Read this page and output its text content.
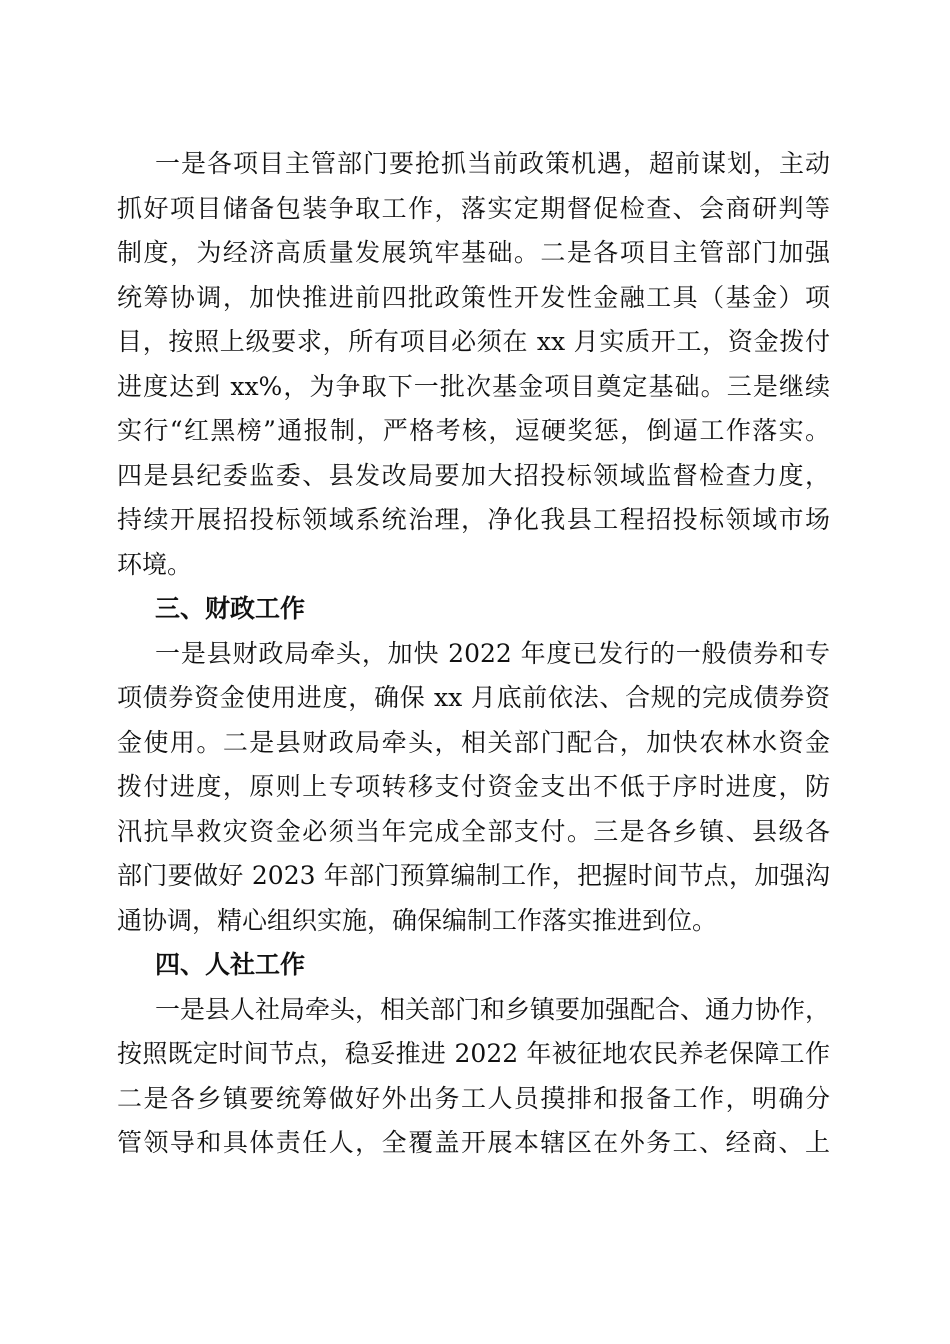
一是各项目主管部门要抢抓当前政策机遇，超前谋划，主动
抓好项目储备包装争取工作，落实定期督促检查、会商研判等
制度，为经济高质量发展筑牢基础。二是各项目主管部门加强
统筹协调，加快推进前四批政策性开发性金融工具（基金）项
目，按照上级要求，所有项目必须在 xx 月实质开工，资金拨付
进度达到 xx%，为争取下一批次基金项目奠定基础。三是继续
实行“红黑榜”通报制，严格考核，逗硬奖惩，倒逼工作落实。
四是县纪委监委、县发改局要加大招投标领域监督检查力度，
持续开展招投标领域系统治理，净化我县工程招投标领域市场
环境。
三、财政工作
一是县财政局牵头，加快 2022 年度已发行的一般债券和专
项债券资金使用进度，确保 xx 月底前依法、合规的完成债券资
金使用。二是县财政局牵头，相关部门配合，加快农林水资金
拨付进度，原则上专项转移支付资金支出不低于序时进度，防
汛抗旱救灾资金必须当年完成全部支付。三是各乡镇、县级各
部门要做好 2023 年部门预算编制工作，把握时间节点，加强沟
通协调，精心组织实施，确保编制工作落实推进到位。
四、人社工作
一是县人社局牵头，相关部门和乡镇要加强配合、通力协作，
按照既定时间节点，稳妥推进 2022 年被征地农民养老保障工作
二是各乡镇要统筹做好外出务工人员摸排和报备工作，明确分
管领导和具体责任人，全覆盖开展本辖区在外务工、经商、上
